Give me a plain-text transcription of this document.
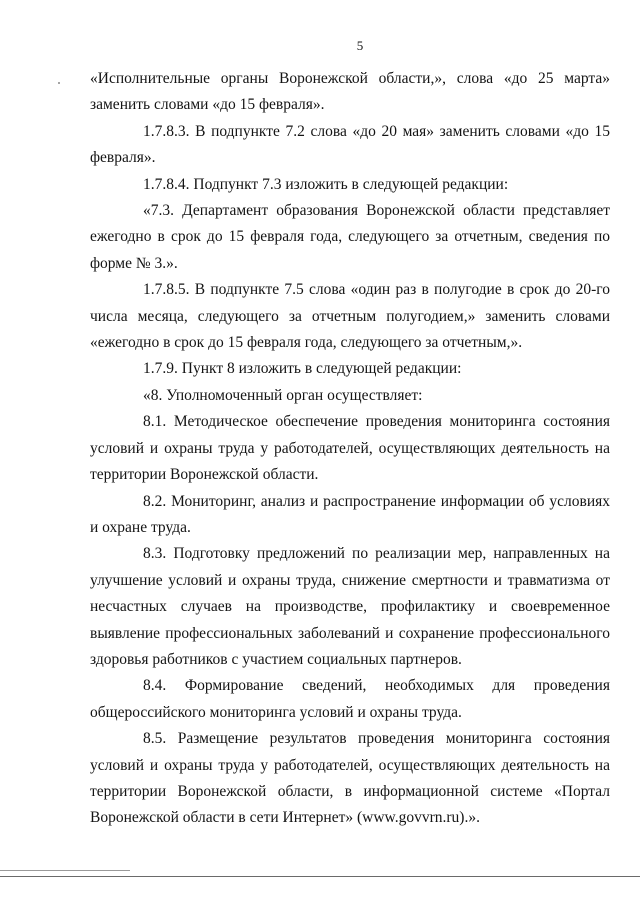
5

«Исполнительные органы Воронежской области,», слова «до 25 марта» заменить словами «до 15 февраля».

1.7.8.3. В подпункте 7.2 слова «до 20 мая» заменить словами «до 15 февраля».

1.7.8.4. Подпункт 7.3 изложить в следующей редакции:

«7.3. Департамент образования Воронежской области представляет ежегодно в срок до 15 февраля года, следующего за отчетным, сведения по форме № 3.».

1.7.8.5. В подпункте 7.5 слова «один раз в полугодие в срок до 20-го числа месяца, следующего за отчетным полугодием,» заменить словами «ежегодно в срок до 15 февраля года, следующего за отчетным,».

1.7.9. Пункт 8 изложить в следующей редакции:

«8. Уполномоченный орган осуществляет:

8.1. Методическое обеспечение проведения мониторинга состояния условий и охраны труда у работодателей, осуществляющих деятельность на территории Воронежской области.

8.2. Мониторинг, анализ и распространение информации об условиях и охране труда.

8.3. Подготовку предложений по реализации мер, направленных на улучшение условий и охраны труда, снижение смертности и травматизма от несчастных случаев на производстве, профилактику и своевременное выявление профессиональных заболеваний и сохранение профессионального здоровья работников с участием социальных партнеров.

8.4. Формирование сведений, необходимых для проведения общероссийского мониторинга условий и охраны труда.

8.5. Размещение результатов проведения мониторинга состояния условий и охраны труда у работодателей, осуществляющих деятельность на территории Воронежской области, в информационной системе «Портал Воронежской области в сети Интернет» (www.govvrn.ru).».
